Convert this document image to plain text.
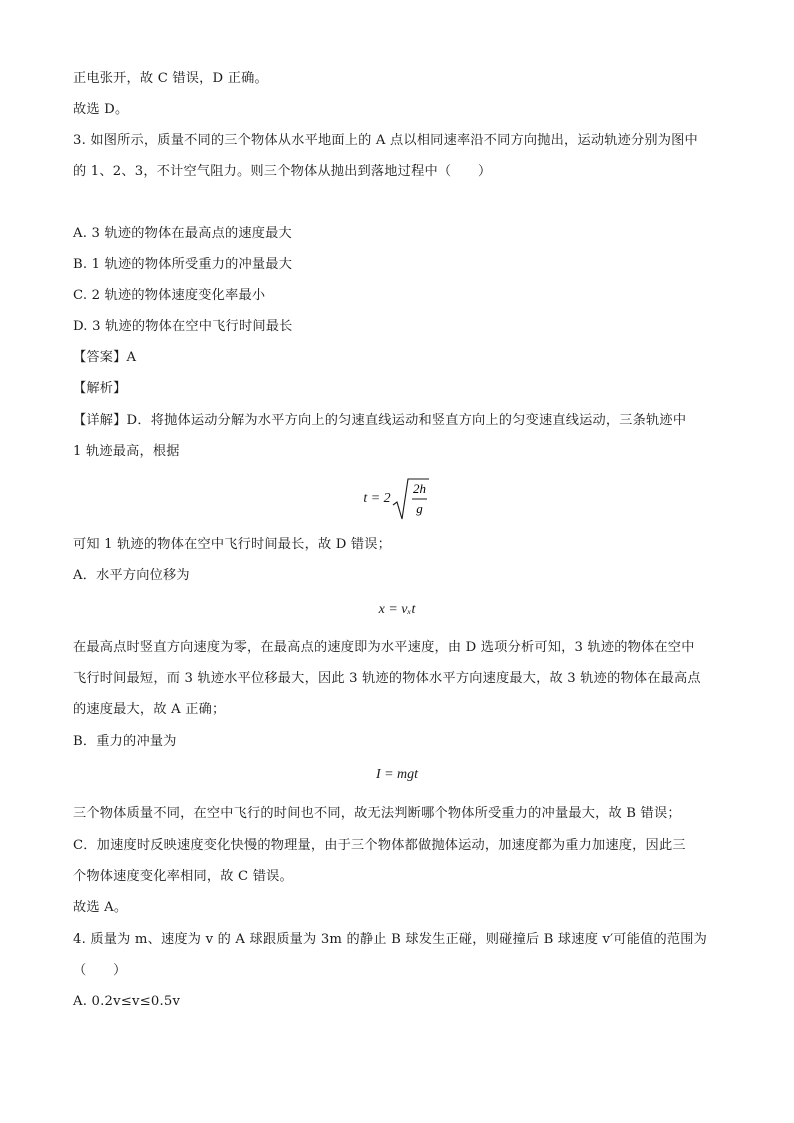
正电张开，故 C 错误，D 正确。
故选 D。
3. 如图所示，质量不同的三个物体从水平地面上的 A 点以相同速率沿不同方向抛出，运动轨迹分别为图中
的 1、2、3，不计空气阻力。则三个物体从抛出到落地过程中（　　）
A. 3 轨迹的物体在最高点的速度最大
B. 1 轨迹的物体所受重力的冲量最大
C. 2 轨迹的物体速度变化率最小
D. 3 轨迹的物体在空中飞行时间最长
【答案】A
【解析】
【详解】D．将抛体运动分解为水平方向上的匀速直线运动和竖直方向上的匀变速直线运动，三条轨迹中
1 轨迹最高，根据
t = 2
2h
g
可知 1 轨迹的物体在空中飞行时间最长，故 D 错误；
A．水平方向位移为
x = vₓt
在最高点时竖直方向速度为零，在最高点的速度即为水平速度，由 D 选项分析可知，3 轨迹的物体在空中
飞行时间最短，而 3 轨迹水平位移最大，因此 3 轨迹的物体水平方向速度最大，故 3 轨迹的物体在最高点
的速度最大，故 A 正确；
B．重力的冲量为
I = mgt
三个物体质量不同，在空中飞行的时间也不同，故无法判断哪个物体所受重力的冲量最大，故 B 错误；
C．加速度时反映速度变化快慢的物理量，由于三个物体都做抛体运动，加速度都为重力加速度，因此三
个物体速度变化率相同，故 C 错误。
故选 A。
4. 质量为 m、速度为 v 的 A 球跟质量为 3m 的静止 B 球发生正碰，则碰撞后 B 球速度 v′可能值的范围为
（　　）
A. 0.2v≤v≤0.5v
